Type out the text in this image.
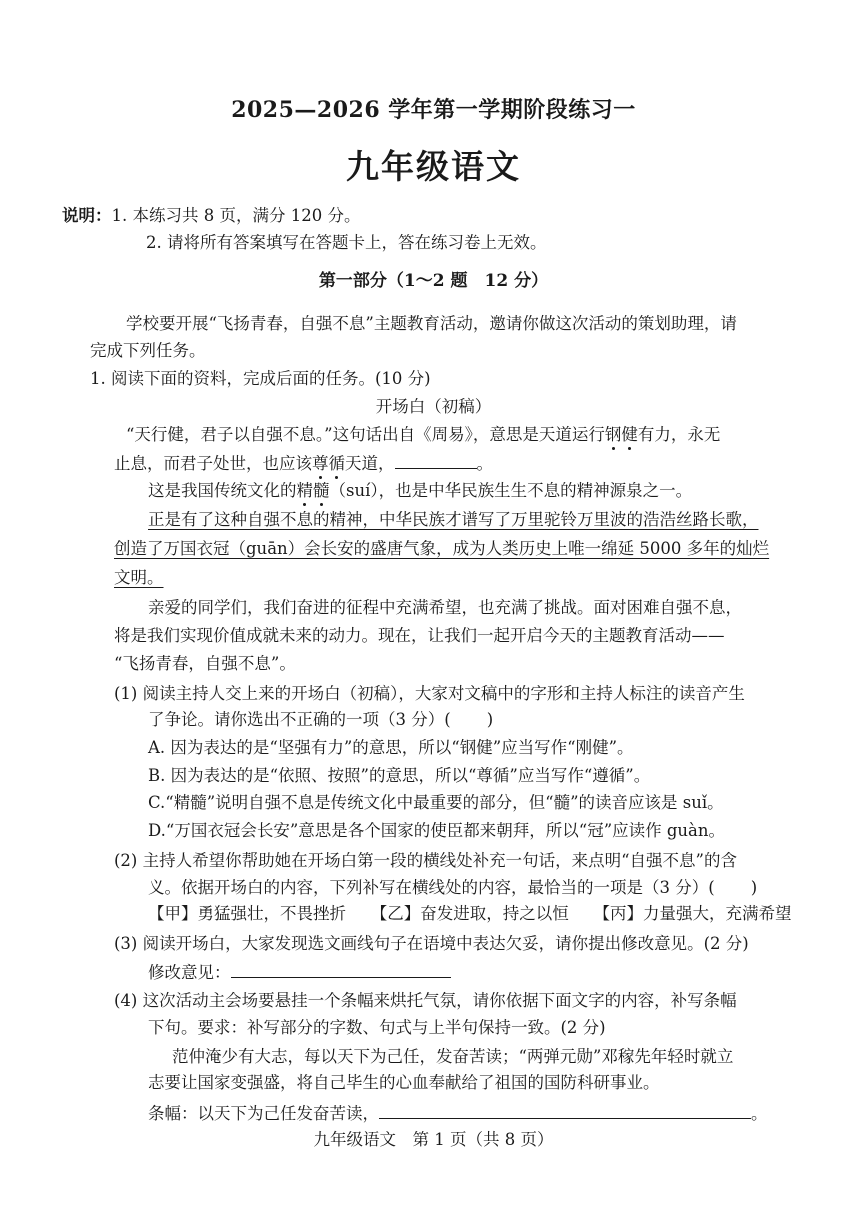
2025—2026 学年第一学期阶段练习一
九年级语文
说明：1. 本练习共 8 页，满分 120 分。
2. 请将所有答案填写在答题卡上，答在练习卷上无效。
第一部分（1～2 题　12 分）
学校要开展“飞扬青春，自强不息”主题教育活动，邀请你做这次活动的策划助理，请
完成下列任务。
1. 阅读下面的资料，完成后面的任务。(10 分)
开场白（初稿）
“天行健，君子以自强不息。”这句话出自《周易》，意思是天道运行钢健有力，永无
止息，而君子处世，也应该尊循天道，	。
这是我国传统文化的精髓（suí），也是中华民族生生不息的精神源泉之一。
正是有了这种自强不息的精神，中华民族才谱写了万里驼铃万里波的浩浩丝路长歌，
创造了万国衣冠（guān）会长安的盛唐气象，成为人类历史上唯一绵延 5000 多年的灿烂
文明。
亲爱的同学们，我们奋进的征程中充满希望，也充满了挑战。面对困难自强不息，
将是我们实现价值成就未来的动力。现在，让我们一起开启今天的主题教育活动——
“飞扬青春，自强不息”。
(1) 阅读主持人交上来的开场白（初稿），大家对文稿中的字形和主持人标注的读音产生
了争论。请你选出不正确的一项（3 分）( )
A. 因为表达的是“坚强有力”的意思，所以“钢健”应当写作“刚健”。
B. 因为表达的是“依照、按照”的意思，所以“尊循”应当写作“遵循”。
C.“精髓”说明自强不息是传统文化中最重要的部分，但“髓”的读音应该是 suǐ。
D.“万国衣冠会长安”意思是各个国家的使臣都来朝拜，所以“冠”应读作 guàn。
(2) 主持人希望你帮助她在开场白第一段的横线处补充一句话，来点明“自强不息”的含
义。依据开场白的内容，下列补写在横线处的内容，最恰当的一项是（3 分）( )
【甲】勇猛强壮，不畏挫折　　【乙】奋发进取，持之以恒　　【丙】力量强大，充满希望
(3) 阅读开场白，大家发现选文画线句子在语境中表达欠妥，请你提出修改意见。(2 分)
修改意见：
(4) 这次活动主会场要悬挂一个条幅来烘托气氛，请你依据下面文字的内容，补写条幅
下句。要求：补写部分的字数、句式与上半句保持一致。(2 分)
范仲淹少有大志，每以天下为己任，发奋苦读；“两弹元勋”邓稼先年轻时就立
志要让国家变强盛，将自己毕生的心血奉献给了祖国的国防科研事业。
条幅：以天下为己任发奋苦读，	。
九年级语文　第 1 页（共 8 页）
